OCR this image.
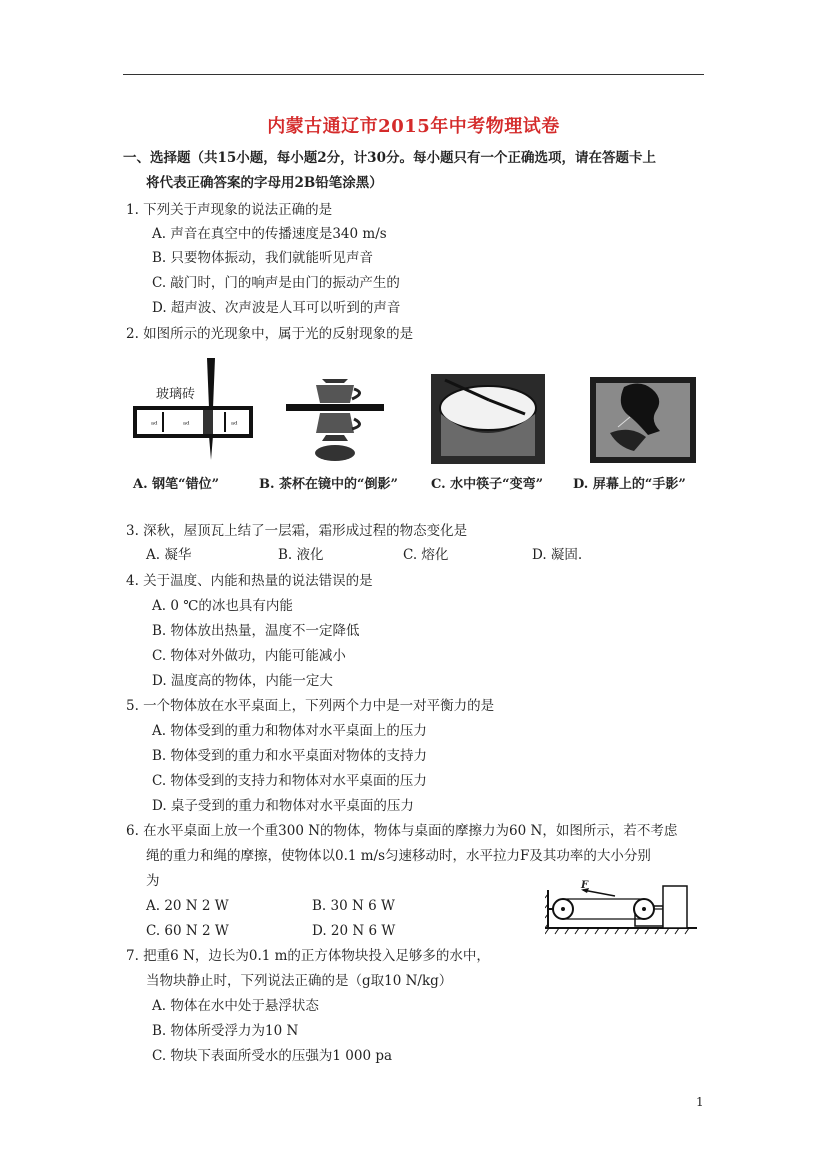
内蒙古通辽市2015年中考物理试卷
一、选择题（共15小题，每小题2分，计30分。每小题只有一个正确选项，请在答题卡上
将代表正确答案的字母用2B铅笔涂黑）
1. 下列关于声现象的说法正确的是
A. 声音在真空中的传播速度是340 m/s
B. 只要物体振动，我们就能听见声音
C. 敲门时，门的响声是由门的振动产生的
D. 超声波、次声波是人耳可以听到的声音
2. 如图所示的光现象中，属于光的反射现象的是
ᵃᵈ	ᵃᵈ	ᵃᵈ
玻璃砖
A. 钢笔“错位”	B. 茶杯在镜中的“倒影”	C. 水中筷子“变弯” D. 屏幕上的“手影”
3. 深秋，屋顶瓦上结了一层霜，霜形成过程的物态变化是
A. 凝华	B. 液化	C. 熔化	D. 凝固.
4. 关于温度、内能和热量的说法错误的是
A. 0 ℃的冰也具有内能
B. 物体放出热量，温度不一定降低
C. 物体对外做功，内能可能减小
D. 温度高的物体，内能一定大
5. 一个物体放在水平桌面上，下列两个力中是一对平衡力的是
A. 物体受到的重力和物体对水平桌面上的压力
B. 物体受到的重力和水平桌面对物体的支持力
C. 物体受到的支持力和物体对水平桌面的压力
D. 桌子受到的重力和物体对水平桌面的压力
6. 在水平桌面上放一个重300 N的物体，物体与桌面的摩擦力为60 N，如图所示，若不考虑
绳的重力和绳的摩擦，使物体以0.1 m/s匀速移动时，水平拉力F及其功率的大小分别
为
A. 20 N 2 W	B. 30 N 6 W
C. 60 N 2 W	D. 20 N 6 W
F
7. 把重6 N，边长为0.1 m的正方体物块投入足够多的水中，
当物块静止时，下列说法正确的是（g取10 N/kg）
A. 物体在水中处于悬浮状态
B. 物体所受浮力为10 N
C. 物块下表面所受水的压强为1 000 pa
1
